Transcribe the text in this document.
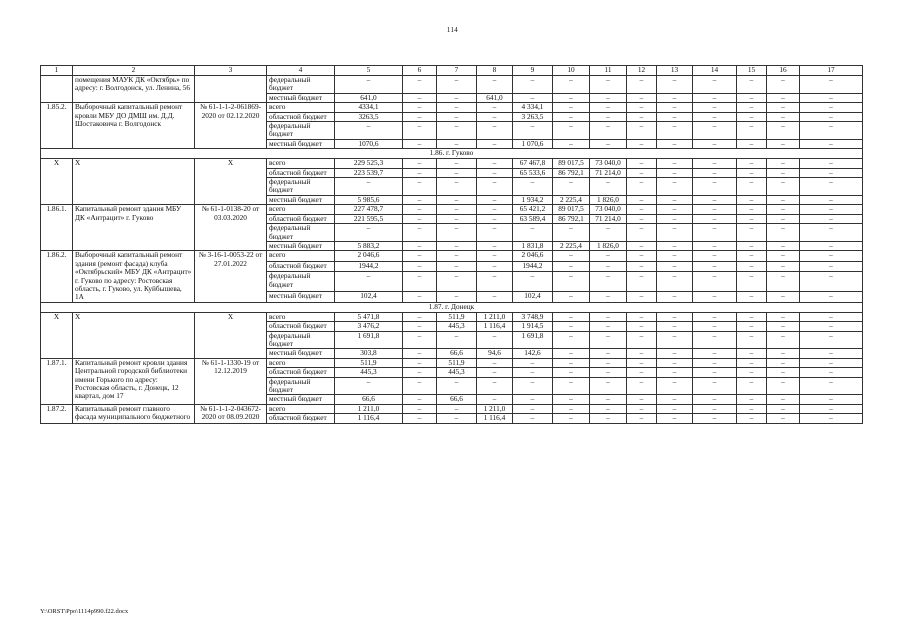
114
1	2	3	4	5	6	7	8	9	10	11	12	13	14	15	16	17
	помещения МАУК ДК «Октябрь» по адресу: г. Волгодонск, ул. Ленина, 56		федеральный бюджет	–	–	–	–	–	–	–	–	–	–	–	–	–
			местный бюджет	641,0	–	–	641,0	–	–	–	–	–	–	–	–	–
1.85.2.	Выборочный капитальный ремонт кровли МБУ ДО ДМШ им. Д.Д. Шостаковича г. Волгодонск	№ 61-1-1-2-061869-2020 от 02.12.2020	всего	4334,1	–	–	–	4 334,1	–	–	–	–	–	–	–	–
			областной бюджет	3263,5	–	–	–	3 263,5	–	–	–	–	–	–	–	–
			федеральный бюджет	–	–	–	–	–	–	–	–	–	–	–	–	–
			местный бюджет	1070,6	–	–	–	1 070,6	–	–	–	–	–	–	–	–
1.86. г. Гуково																
Х	Х	Х	всего	229 525,3	–	–	–	67 467,8	89 017,5	73 040,0	–	–	–	–	–	–
			областной бюджет	223 539,7	–	–	–	65 533,6	86 792,1	71 214,0	–	–	–	–	–	–
			федеральный бюджет	–	–	–	–	–	–	–	–	–	–	–	–	–
			местный бюджет	5 985,6	–	–	–	1 934,2	2 225,4	1 826,0	–	–	–	–	–	–
1.86.1.	Капитальный ремонт здания МБУ ДК «Антрацит» г. Гуково	№ 61-1-0138-20 от 03.03.2020	всего	227 478,7	–	–	–	65 421,2	89 017,5	73 040,0	–	–	–	–	–	–
			областной бюджет	221 595,5	–	–	–	63 589,4	86 792,1	71 214,0	–	–	–	–	–	–
			федеральный бюджет	–	–	–	–	–	–	–	–	–	–	–	–	–
			местный бюджет	5 883,2	–	–	–	1 831,8	2 225,4	1 826,0	–	–	–	–	–	–
1.86.2.	Выборочный капитальный ремонт здания (ремонт фасада) клуба «Октябрьский» МБУ ДК «Антрацит» г. Гуково по адресу: Ростовская область, г. Гуково, ул. Куйбышева, 1А	№ 3-16-1-0053-22 от 27.01.2022	всего	2 046,6	–	–	–	2 046,6	–	–	–	–	–	–	–	–
			областной бюджет	1944,2	–	–	–	1944,2	–	–	–	–	–	–	–	–
			федеральный бюджет	–	–	–	–	–	–	–	–	–	–	–	–	–
			местный бюджет	102,4	–	–	–	102,4	–	–	–	–	–	–	–	–
1.87. г. Донецк																
Х	Х	Х	всего	5 471,8	–	511,9	1 211,0	3 748,9	–	–	–	–	–	–	–	–
			областной бюджет	3 476,2	–	445,3	1 116,4	1 914,5	–	–	–	–	–	–	–	–
			федеральный бюджет	1 691,8	–	–	–	1 691,8	–	–	–	–	–	–	–	–
			местный бюджет	303,8	–	66,6	94,6	142,6	–	–	–	–	–	–	–	–
1.87.1.	Капитальный ремонт кровли здания Центральной городской библиотеки имени Горького по адресу: Ростовская область, г. Донецк, 12 квартал, дом 17	№ 61-1-1330-19 от 12.12.2019	всего	511,9	–	511,9	–	–	–	–	–	–	–	–	–	–
			областной бюджет	445,3	–	445,3	–	–	–	–	–	–	–	–	–	–
			федеральный бюджет	–	–	–	–	–	–	–	–	–	–	–	–	–
			местный бюджет	66,6	–	66,6	–	–	–	–	–	–	–	–	–	–
1.87.2.	Капитальный ремонт главного фасада муниципального бюджетного	№ 61-1-1-2-043672-2020 от 08.09.2020	всего	1 211,0	–	–	1 211,0	–	–	–	–	–	–	–	–	–
			областной бюджет	1 116,4	–	–	1 116,4	–	–	–	–	–	–	–	–	–
Y:\ORST\Ppo\1114p990.f22.docx
